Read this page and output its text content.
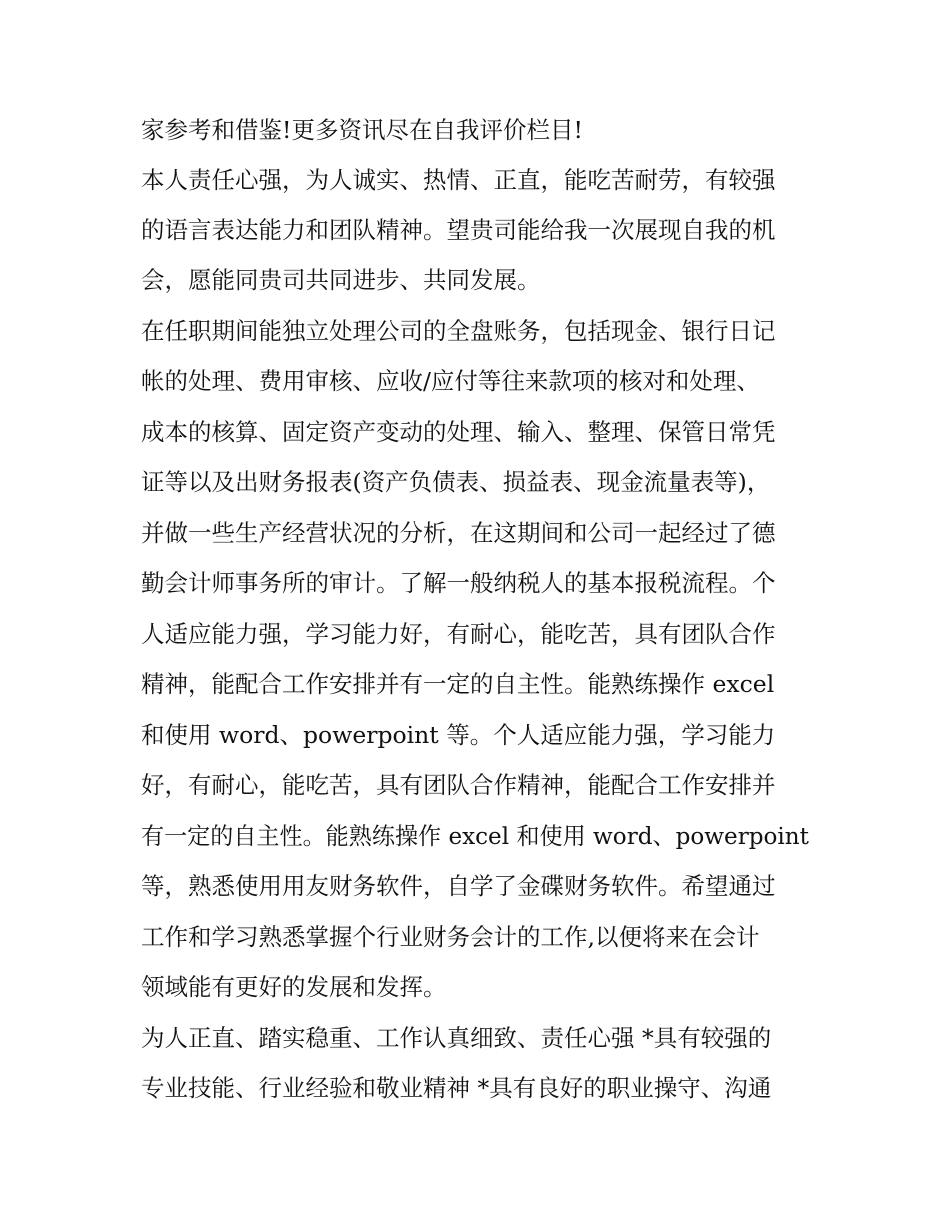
家参考和借鉴!更多资讯尽在自我评价栏目!
本人责任心强，为人诚实、热情、正直，能吃苦耐劳，有较强
的语言表达能力和团队精神。望贵司能给我一次展现自我的机
会，愿能同贵司共同进步、共同发展。
在任职期间能独立处理公司的全盘账务，包括现金、银行日记
帐的处理、费用审核、应收/应付等往来款项的核对和处理、
成本的核算、固定资产变动的处理、输入、整理、保管日常凭
证等以及出财务报表(资产负债表、损益表、现金流量表等)，
并做一些生产经营状况的分析，在这期间和公司一起经过了德
勤会计师事务所的审计。了解一般纳税人的基本报税流程。个
人适应能力强，学习能力好，有耐心，能吃苦，具有团队合作
精神，能配合工作安排并有一定的自主性。能熟练操作 excel
和使用 word、powerpoint 等。个人适应能力强，学习能力
好，有耐心，能吃苦，具有团队合作精神，能配合工作安排并
有一定的自主性。能熟练操作 excel 和使用 word、powerpoint
等，熟悉使用用友财务软件，自学了金碟财务软件。希望通过
工作和学习熟悉掌握个行业财务会计的工作,以便将来在会计
领域能有更好的发展和发挥。
为人正直、踏实稳重、工作认真细致、责任心强 *具有较强的
专业技能、行业经验和敬业精神 *具有良好的职业操守、沟通
